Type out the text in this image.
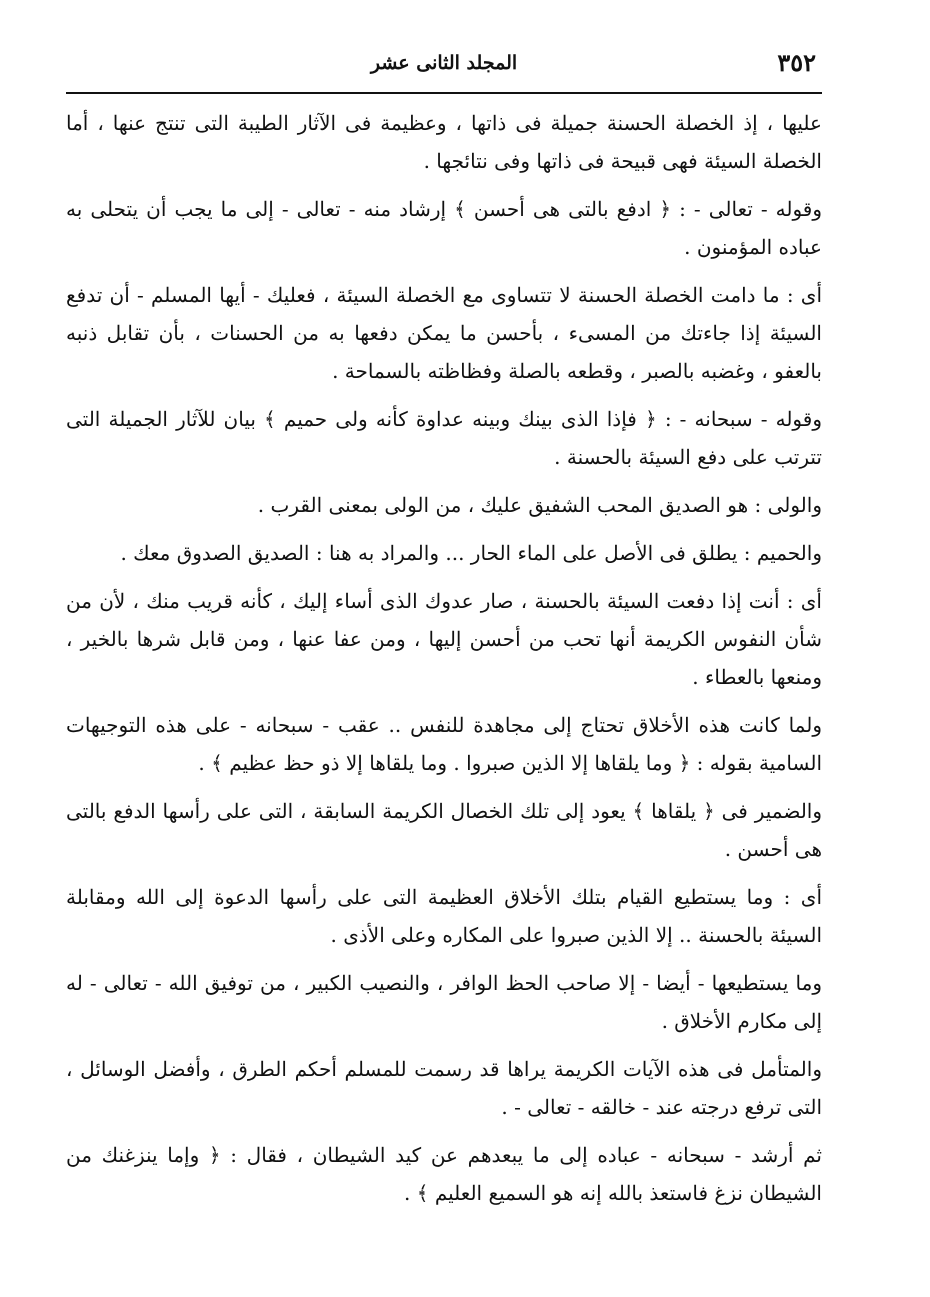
٣٥٢
المجلد الثانى عشر

عليها ، إذ الخصلة الحسنة جميلة فى ذاتها ، وعظيمة فى الآثار الطيبة التى تنتج عنها ، أما الخصلة السيئة فهى قبيحة فى ذاتها وفى نتائجها .

وقوله - تعالى - : ﴿ ادفع بالتى هى أحسن ﴾ إرشاد منه - تعالى - إلى ما يجب أن يتحلى به عباده المؤمنون .

أى : ما دامت الخصلة الحسنة لا تتساوى مع الخصلة السيئة ، فعليك - أيها المسلم - أن تدفع السيئة إذا جاءتك من المسىء ، بأحسن ما يمكن دفعها به من الحسنات ، بأن تقابل ذنبه بالعفو ، وغضبه بالصبر ، وقطعه بالصلة وفظاظته بالسماحة .

وقوله - سبحانه - : ﴿ فإذا الذى بينك وبينه عداوة كأنه ولى حميم ﴾ بيان للآثار الجميلة التى تترتب على دفع السيئة بالحسنة .

والولى : هو الصديق المحب الشفيق عليك ، من الولى بمعنى القرب .

والحميم : يطلق فى الأصل على الماء الحار ... والمراد به هنا : الصديق الصدوق معك .

أى : أنت إذا دفعت السيئة بالحسنة ، صار عدوك الذى أساء إليك ، كأنه قريب منك ، لأن من شأن النفوس الكريمة أنها تحب من أحسن إليها ، ومن عفا عنها ، ومن قابل شرها بالخير ، ومنعها بالعطاء .

ولما كانت هذه الأخلاق تحتاج إلى مجاهدة للنفس .. عقب - سبحانه - على هذه التوجيهات السامية بقوله : ﴿ وما يلقاها إلا الذين صبروا . وما يلقاها إلا ذو حظ عظيم ﴾ .

والضمير فى ﴿ يلقاها ﴾ يعود إلى تلك الخصال الكريمة السابقة ، التى على رأسها الدفع بالتى هى أحسن .

أى : وما يستطيع القيام بتلك الأخلاق العظيمة التى على رأسها الدعوة إلى الله ومقابلة السيئة بالحسنة .. إلا الذين صبروا على المكاره وعلى الأذى .

وما يستطيعها - أيضا - إلا صاحب الحظ الوافر ، والنصيب الكبير ، من توفيق الله - تعالى - له إلى مكارم الأخلاق .

والمتأمل فى هذه الآيات الكريمة يراها قد رسمت للمسلم أحكم الطرق ، وأفضل الوسائل ، التى ترفع درجته عند - خالقه - تعالى - .

ثم أرشد - سبحانه - عباده إلى ما يبعدهم عن كيد الشيطان ، فقال : ﴿ وإما ينزغنك من الشيطان نزغ فاستعذ بالله إنه هو السميع العليم ﴾ .
